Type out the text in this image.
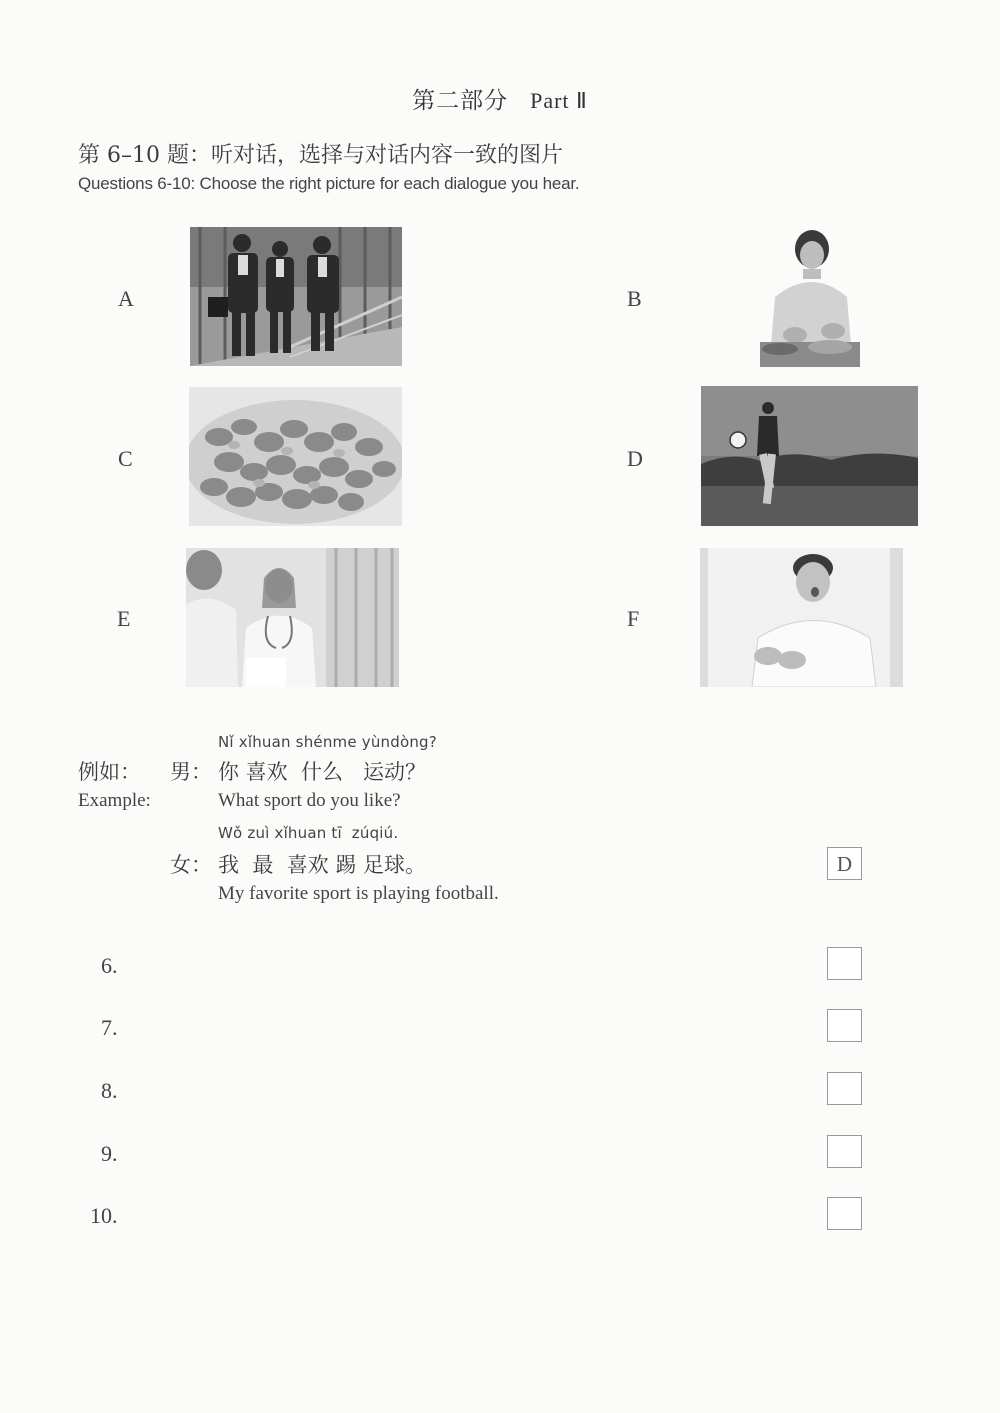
第二部分 Part Ⅱ
第 6–10 题：听对话，选择与对话内容一致的图片
Questions 6-10: Choose the right picture for each dialogue you hear.
A	B
C	D
E	F
Nǐ xǐhuan shénme yùndòng?
例如： 男： 你 喜欢  什么   运动？
Example:	What sport do you like?
Wǒ zuì xǐhuan tī  zúqiú.
女： 我  最  喜欢 踢 足球。
My favorite sport is playing football.
D
6.
7.
8.
9.
10.
